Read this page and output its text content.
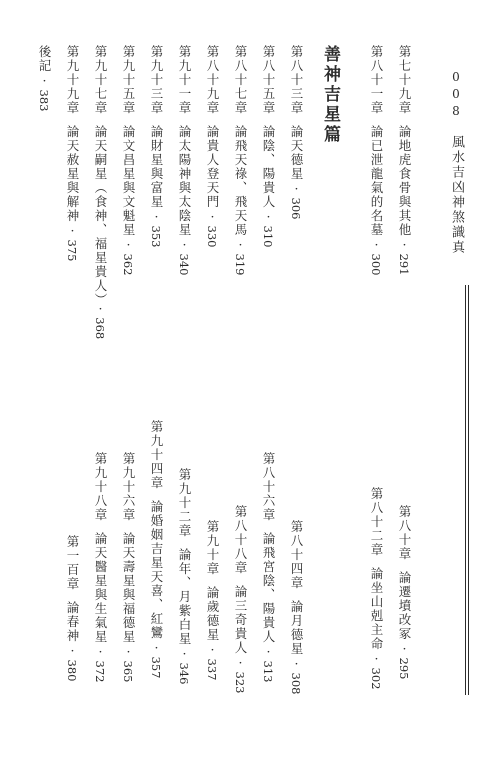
008風水吉凶神煞識真
善神吉星篇	第七十九章論地虎食骨與其他·291
第八十一章論已泄龍氣的名墓·300
第八十三章論天德星·306
第八十五章論陰、陽貴人·310
第八十七章論飛天祿、飛天馬·319
第八十九章論貴人登天門·330
第九十一章論太陽神與太陰星·340
第九十三章論財星與富星·353
第九十五章論文昌星與文魁星·362
第九十七章論天嗣星（食神、福星貴人）·368
第九十九章論天赦星與解神·375
後記·383
第八十章論遷墳改冢·295
第八十二章論坐山剋主命·302
第八十四章論月德星·308
第八十六章論飛宮陰、陽貴人·313
第八十八章論三奇貴人·323
第九十章論歲德星·337
第九十二章論年、月紫白星·346
第九十四章論婚姻吉星天喜、紅鸞·357
第九十六章論天壽星與福德星·365
第九十八章論天醫星與生氣星·372
第一百章論春神·380
